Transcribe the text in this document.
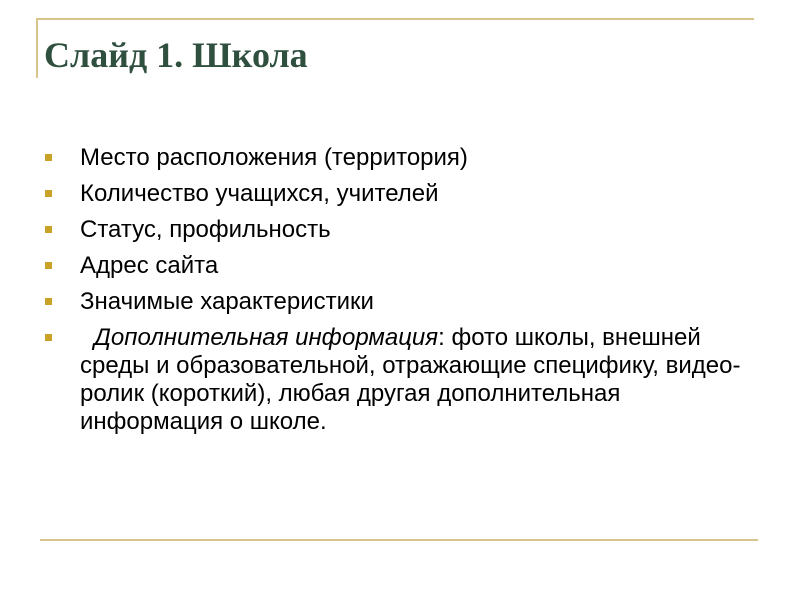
Слайд 1. Школа
Место расположения (территория)
Количество учащихся, учителей
Статус, профильность
Адрес сайта
Значимые характеристики
Дополнительная информация: фото школы, внешней среды и образовательной, отражающие специфику, видео-ролик (короткий), любая другая дополнительная информация о школе.
